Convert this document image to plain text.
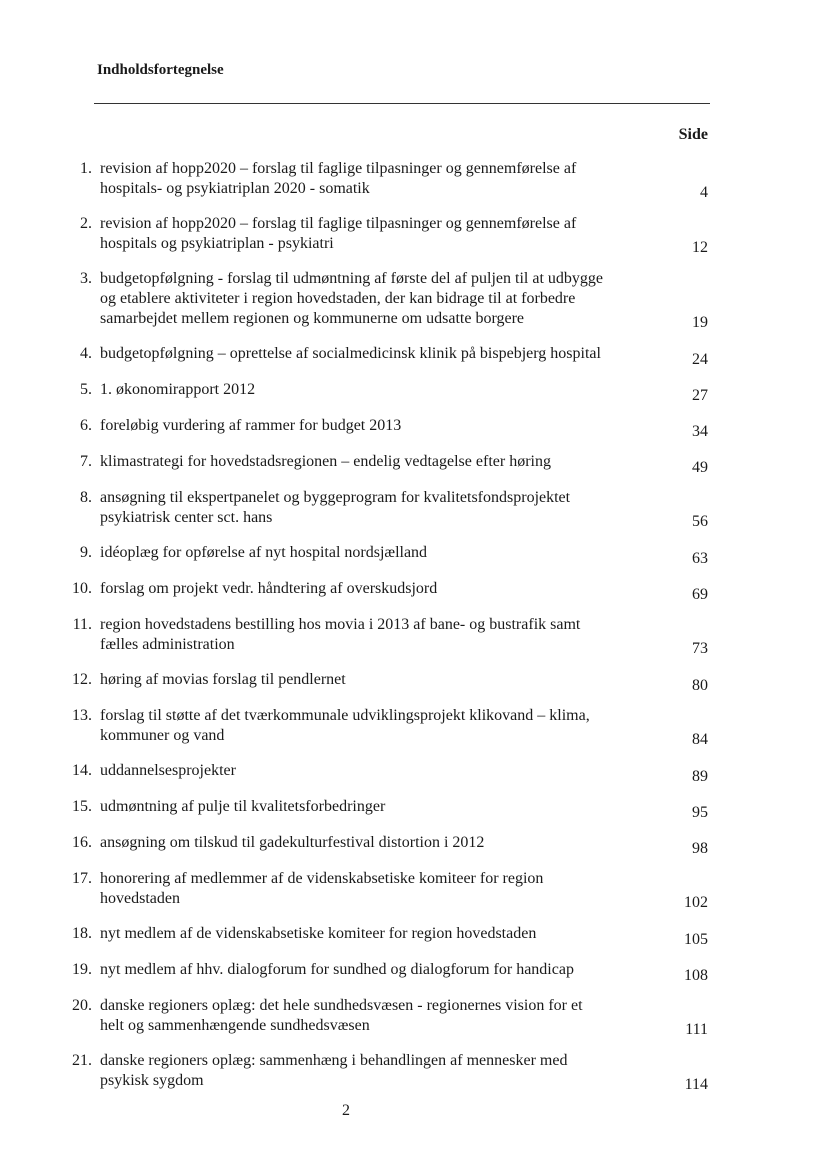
Indholdsfortegnelse
Side
1. revision af hopp2020 – forslag til faglige tilpasninger og gennemførelse af
hospitals- og psykiatriplan 2020 - somatik	4
2. revision af hopp2020 – forslag til faglige tilpasninger og gennemførelse af
hospitals og psykiatriplan - psykiatri	12
3. budgetopfølgning - forslag til udmøntning af første del af puljen til at udbygge
og etablere aktiviteter i region hovedstaden, der kan bidrage til at forbedre
samarbejdet mellem regionen og kommunerne om udsatte borgere	19
4. budgetopfølgning – oprettelse af socialmedicinsk klinik på bispebjerg hospital	24
5. 1. økonomirapport 2012	27
6. foreløbig vurdering af rammer for budget 2013	34
7. klimastrategi for hovedstadsregionen – endelig vedtagelse efter høring	49
8. ansøgning til ekspertpanelet og byggeprogram for kvalitetsfondsprojektet
psykiatrisk center sct. hans	56
9. idéoplæg for opførelse af nyt hospital nordsjælland	63
10. forslag om projekt vedr. håndtering af overskudsjord	69
11. region hovedstadens bestilling hos movia i 2013 af bane- og bustrafik samt
fælles administration	73
12. høring af movias forslag til pendlernet	80
13. forslag til støtte af det tværkommunale udviklingsprojekt klikovand – klima,
kommuner og vand	84
14. uddannelsesprojekter	89
15. udmøntning af pulje til kvalitetsforbedringer	95
16. ansøgning om tilskud til gadekulturfestival distortion i 2012	98
17. honorering af medlemmer af de videnskabsetiske komiteer for region
hovedstaden	102
18. nyt medlem af de videnskabsetiske komiteer for region hovedstaden	105
19. nyt medlem af hhv. dialogforum for sundhed og dialogforum for handicap	108
20. danske regioners oplæg: det hele sundhedsvæsen - regionernes vision for et
helt og sammenhængende sundhedsvæsen	111
21. danske regioners oplæg: sammenhæng i behandlingen af mennesker med
psykisk sygdom	114
2
